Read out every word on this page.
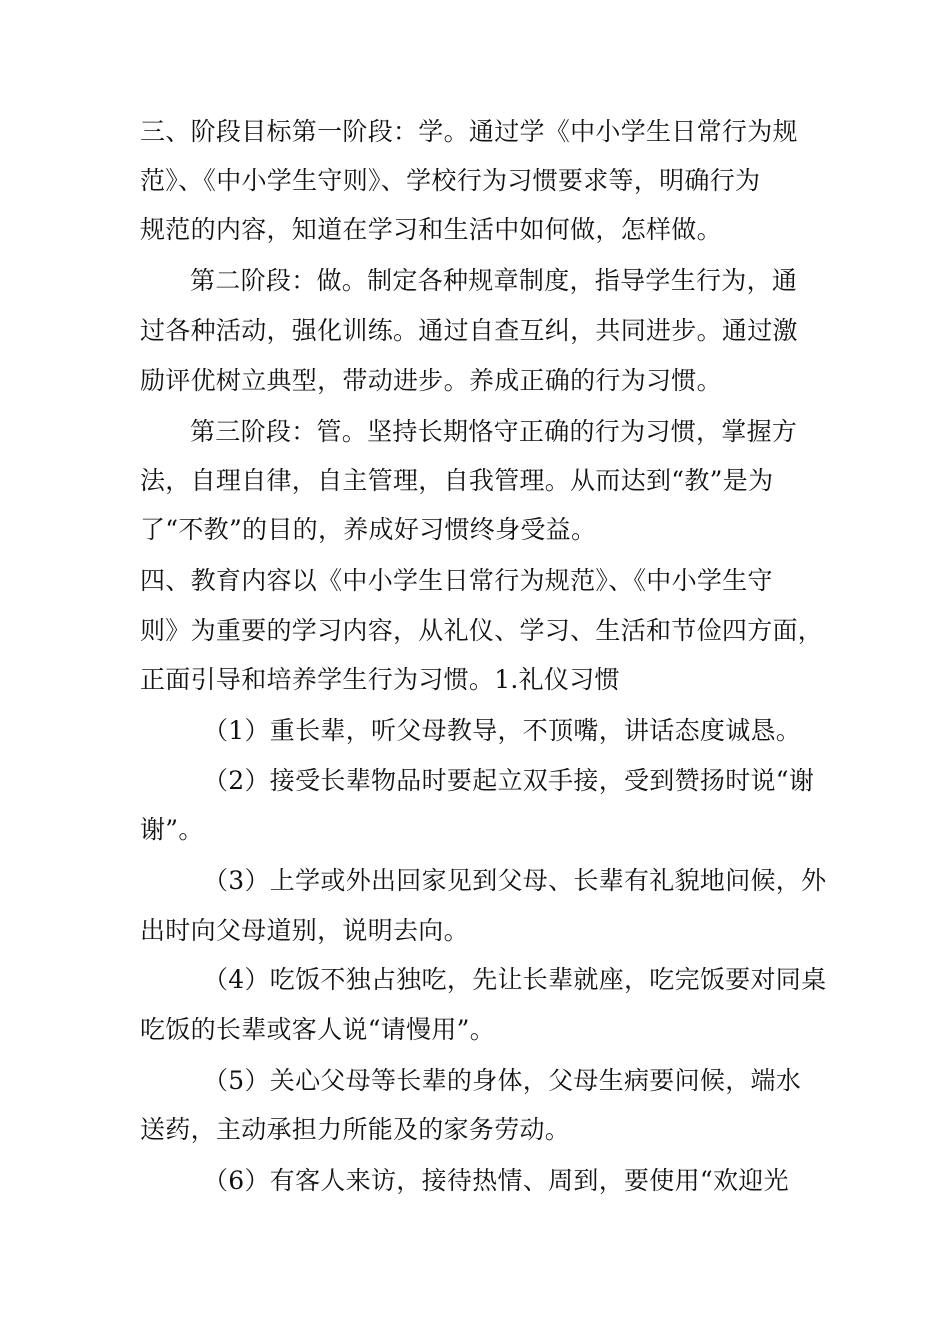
三、阶段目标第一阶段：学。通过学《中小学生日常行为规
范》、《中小学生守则》、学校行为习惯要求等，明确行为
规范的内容，知道在学习和生活中如何做，怎样做。
第二阶段：做。制定各种规章制度，指导学生行为，通
过各种活动，强化训练。通过自查互纠，共同进步。通过激
励评优树立典型，带动进步。养成正确的行为习惯。
第三阶段：管。坚持长期恪守正确的行为习惯，掌握方
法，自理自律，自主管理，自我管理。从而达到“教”是为
了“不教”的目的，养成好习惯终身受益。
四、教育内容以《中小学生日常行为规范》、《中小学生守
则》为重要的学习内容，从礼仪、学习、生活和节俭四方面，
正面引导和培养学生行为习惯。1.礼仪习惯
（1）重长辈，听父母教导，不顶嘴，讲话态度诚恳。
（2）接受长辈物品时要起立双手接，受到赞扬时说“谢
谢”。
（3）上学或外出回家见到父母、长辈有礼貌地问候，外
出时向父母道别，说明去向。
（4）吃饭不独占独吃，先让长辈就座，吃完饭要对同桌
吃饭的长辈或客人说“请慢用”。
（5）关心父母等长辈的身体，父母生病要问候，端水
送药，主动承担力所能及的家务劳动。
（6）有客人来访，接待热情、周到，要使用“欢迎光
